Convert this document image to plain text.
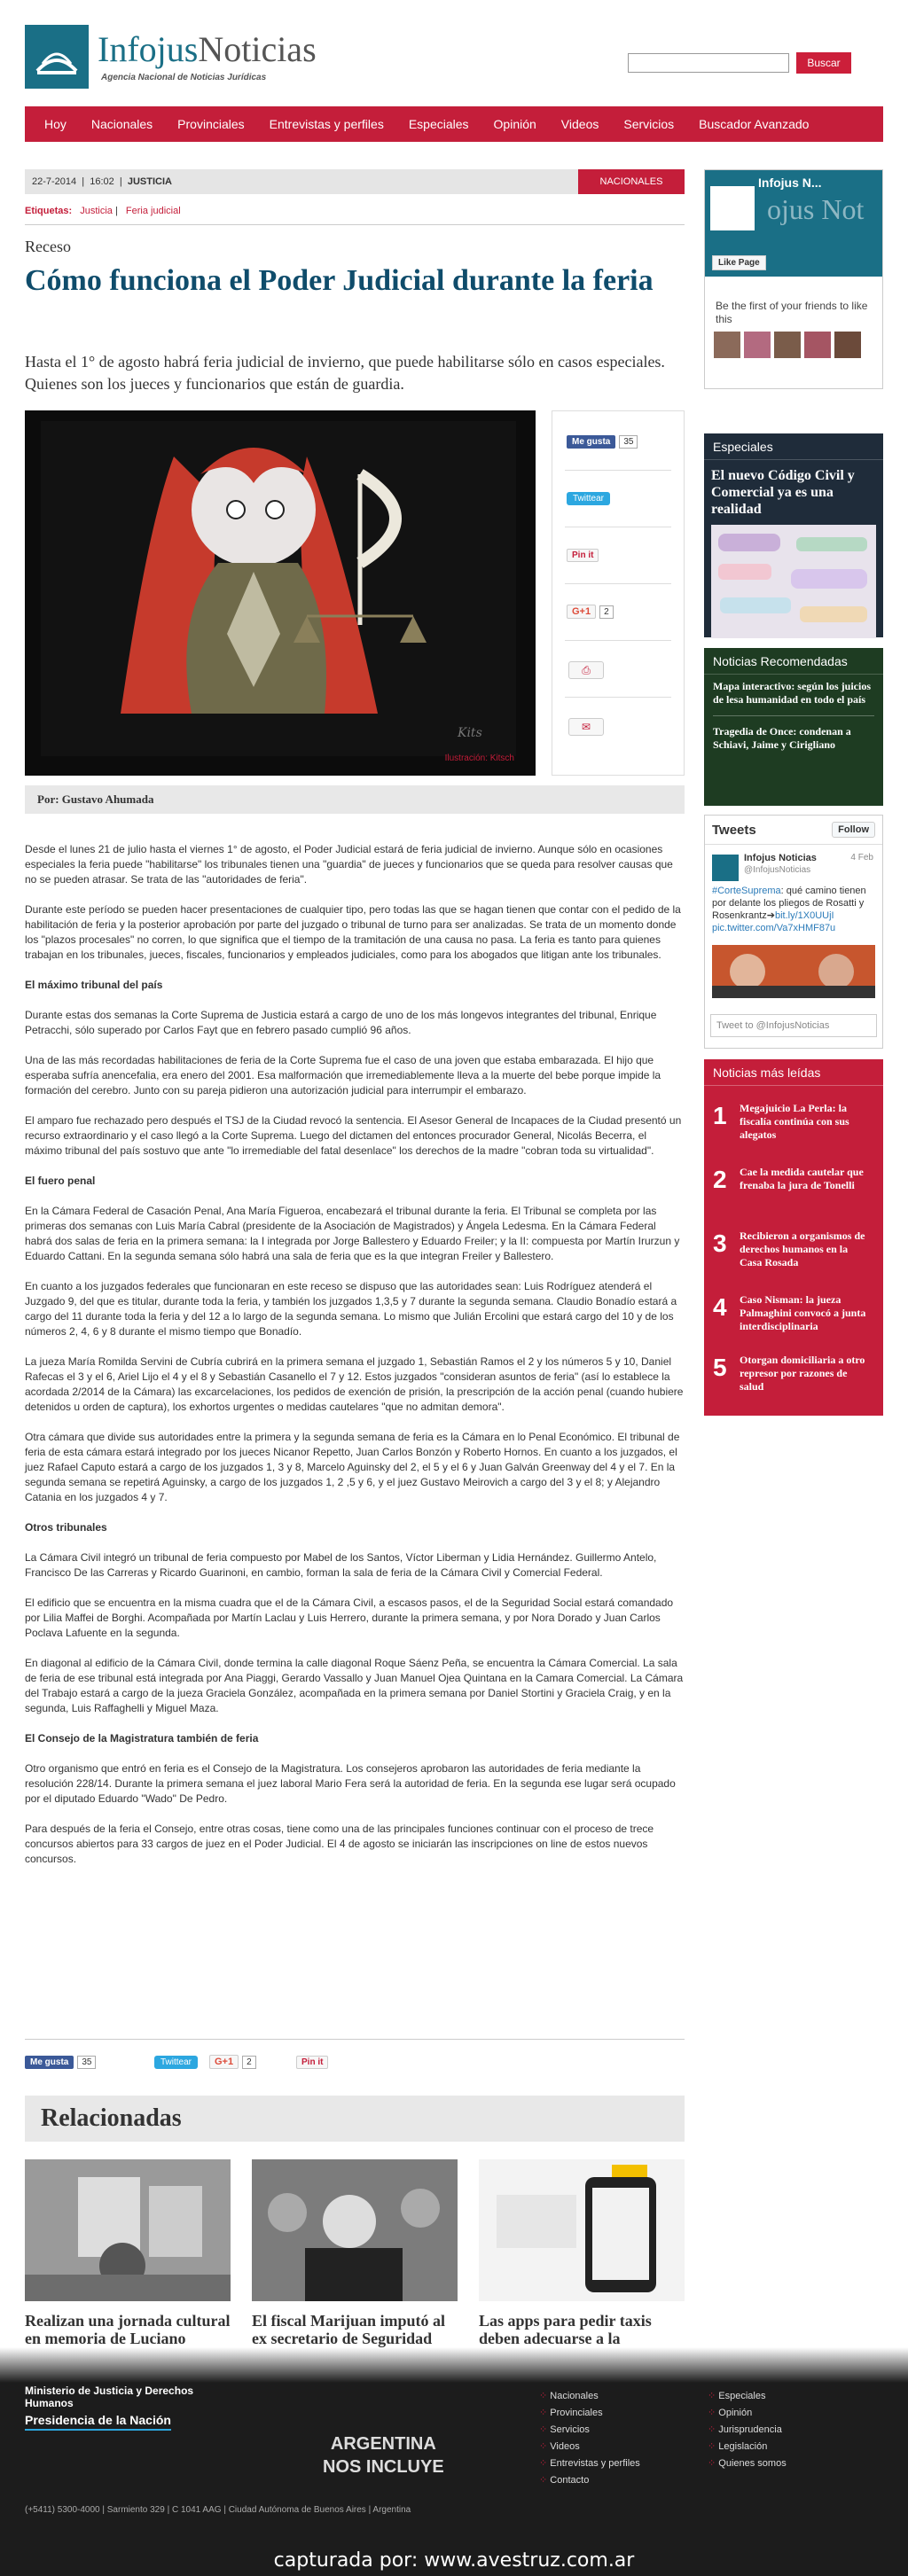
InfojusNoticias
Agencia Nacional de Noticias Jurídicas
Buscar
Hoy	Nacionales	Provinciales	Entrevistas y perfiles	Especiales	Opinión	Videos	Servicios	Buscador Avanzado
22-7-2014  |  16:02  |  JUSTICIA	NACIONALES
Etiquetas: Justicia | Feria judicial
Receso
Cómo funciona el Poder Judicial durante la feria
Hasta el 1° de agosto habrá feria judicial de invierno, que puede habilitarse sólo en casos especiales. Quienes son los jueces y funcionarios que están de guardia.
Kits
Ilustración: Kitsch
Me gusta 35
Twittear
Pin it
G+1 2
⎙
✉
Por: Gustavo Ahumada

Desde el lunes 21 de julio hasta el viernes 1° de agosto, el Poder Judicial estará de feria judicial de invierno. Aunque sólo en ocasiones especiales la feria puede "habilitarse" los tribunales tienen una "guardia" de jueces y funcionarios que se queda para resolver causas que no se pueden atrasar. Se trata de las "autoridades de feria".

Durante este período se pueden hacer presentaciones de cualquier tipo, pero todas las que se hagan tienen que contar con el pedido de la habilitación de feria y la posterior aprobación por parte del juzgado o tribunal de turno para ser analizadas. Se trata de un momento donde los "plazos procesales" no corren, lo que significa que el tiempo de la tramitación de una causa no pasa. La feria es tanto para quienes trabajan en los tribunales, jueces, fiscales, funcionarios y empleados judiciales, como para los abogados que litigan ante los tribunales.

El máximo tribunal del país

Durante estas dos semanas la Corte Suprema de Justicia estará a cargo de uno de los más longevos integrantes del tribunal, Enrique Petracchi, sólo superado por Carlos Fayt que en febrero pasado cumplió 96 años.

Una de las más recordadas habilitaciones de feria de la Corte Suprema fue el caso de una joven que estaba embarazada. El hijo que esperaba sufría anencefalia, era enero del 2001. Esa malformación que irremediablemente lleva a la muerte del bebe porque impide la formación del cerebro. Junto con su pareja pidieron una autorización judicial para interrumpir el embarazo.

El amparo fue rechazado pero después el TSJ de la Ciudad revocó la sentencia. El Asesor General de Incapaces de la Ciudad presentó un recurso extraordinario y el caso llegó a la Corte Suprema. Luego del dictamen del entonces procurador General, Nicolás Becerra, el máximo tribunal del país sostuvo que ante "lo irremediable del fatal desenlace" los derechos de la madre "cobran toda su virtualidad".

El fuero penal

En la Cámara Federal de Casación Penal, Ana María Figueroa, encabezará el tribunal durante la feria. El Tribunal se completa por las primeras dos semanas con Luis María Cabral (presidente de la Asociación de Magistrados) y Ángela Ledesma. En la Cámara Federal habrá dos salas de feria en la primera semana: la I integrada por Jorge Ballestero y Eduardo Freiler; y la II: compuesta por Martín Irurzun y Eduardo Cattani. En la segunda semana sólo habrá una sala de feria que es la que integran Freiler y Ballestero.

En cuanto a los juzgados federales que funcionaran en este receso se dispuso que las autoridades sean: Luis Rodríguez atenderá el Juzgado 9, del que es titular, durante toda la feria, y también los juzgados 1,3,5 y 7 durante la segunda semana. Claudio Bonadío estará a cargo del 11 durante toda la feria y del 12 a lo largo de la segunda semana. Lo mismo que Julián Ercolini que estará cargo del 10 y de los números 2, 4, 6 y 8 durante el mismo tiempo que Bonadío.

La jueza María Romilda Servini de Cubría cubrirá en la primera semana el juzgado 1, Sebastián Ramos el 2 y los números 5 y 10, Daniel Rafecas el 3 y el 6, Ariel Lijo el 4 y el 8 y Sebastián Casanello el 7 y 12. Estos juzgados "consideran asuntos de feria" (así lo establece la acordada 2/2014 de la Cámara) las excarcelaciones, los pedidos de exención de prisión, la prescripción de la acción penal (cuando hubiere detenidos u orden de captura), los exhortos urgentes o medidas cautelares "que no admitan demora".

Otra cámara que divide sus autoridades entre la primera y la segunda semana de feria es la Cámara en lo Penal Económico. El tribunal de feria de esta cámara estará integrado por los jueces Nicanor Repetto, Juan Carlos Bonzón y Roberto Hornos. En cuanto a los juzgados, el juez Rafael Caputo estará a cargo de los juzgados 1, 3 y 8, Marcelo Aguinsky del 2, el 5 y el 6 y Juan Galván Greenway del 4 y el 7. En la segunda semana se repetirá Aguinsky, a cargo de los juzgados 1, 2 ,5 y 6, y el juez Gustavo Meirovich a cargo del 3 y el 8; y Alejandro Catania en los juzgados 4 y 7.

Otros tribunales

La Cámara Civil integró un tribunal de feria compuesto por Mabel de los Santos, Víctor Liberman y Lidia Hernández. Guillermo Antelo, Francisco De las Carreras y Ricardo Guarinoni, en cambio, forman la sala de feria de la Cámara Civil y Comercial Federal.

El edificio que se encuentra en la misma cuadra que el de la Cámara Civil, a escasos pasos, el de la Seguridad Social estará comandado por Lilia Maffei de Borghi. Acompañada por Martín Laclau y Luis Herrero, durante la primera semana, y por Nora Dorado y Juan Carlos Poclava Lafuente en la segunda.

En diagonal al edificio de la Cámara Civil, donde termina la calle diagonal Roque Sáenz Peña, se encuentra la Cámara Comercial. La sala de feria de ese tribunal está integrada por Ana Piaggi, Gerardo Vassallo y Juan Manuel Ojea Quintana en la Camara Comercial. La Cámara del Trabajo estará a cargo de la jueza Graciela González, acompañada en la primera semana por Daniel Stortini y Graciela Craig, y en la segunda, Luis Raffaghelli y Miguel Maza.

El Consejo de la Magistratura también de feria

Otro organismo que entró en feria es el Consejo de la Magistratura. Los consejeros aprobaron las autoridades de feria mediante la resolución 228/14. Durante la primera semana el juez laboral Mario Fera será la autoridad de feria. En la segunda ese lugar será ocupado por el diputado Eduardo "Wado" De Pedro.

Para después de la feria el Consejo, entre otras cosas, tiene como una de las principales funciones continuar con el proceso de trece concursos abiertos para 33 cargos de juez en el Poder Judicial. El 4 de agosto se iniciarán las inscripciones on line de estos nuevos concursos.

Me gusta 35	Twittear	G+1 2	Pin it
Relacionadas
Realizan una jornada cultural en memoria de Luciano
El fiscal Marijuan imputó al ex secretario de Seguridad
Las apps para pedir taxis deben adecuarse a la
Infojus N...
ojus Not
Like Page
Be the first of your friends to like this
Especiales
El nuevo Código Civil y Comercial ya es una realidad
Noticias Recomendadas
Mapa interactivo: según los juicios de lesa humanidad en todo el país
Tragedia de Once: condenan a Schiavi, Jaime y Cirigliano
Tweets	Follow
Infojus Noticias
@InfojusNoticias
4 Feb
#CorteSuprema: qué camino tienen por delante los pliegos de Rosatti y Rosenkrantz➔bit.ly/1X0UUjI pic.twitter.com/Va7xHMF87u
Tweet to @InfojusNoticias
Noticias más leídas
1 Megajuicio La Perla: la fiscalía continúa con sus alegatos
2 Cae la medida cautelar que frenaba la jura de Tonelli
3 Recibieron a organismos de derechos humanos en la Casa Rosada
4 Caso Nisman: la jueza Palmaghini convocó a junta interdisciplinaria
5 Otorgan domiciliaria a otro represor por razones de salud
Ministerio de Justicia y Derechos Humanos
Presidencia de la Nación
ARGENTINA
NOS INCLUYE
(+5411) 5300-4000 | Sarmiento 329 | C 1041 AAG | Ciudad Autónoma de Buenos Aires | Argentina
⁘ Nacionales
⁘ Provinciales
⁘ Servicios
⁘ Videos
⁘ Entrevistas y perfiles
⁘ Contacto
⁘ Especiales
⁘ Opinión
⁘ Jurisprudencia
⁘ Legislación
⁘ Quienes somos
capturada por: www.avestruz.com.ar
